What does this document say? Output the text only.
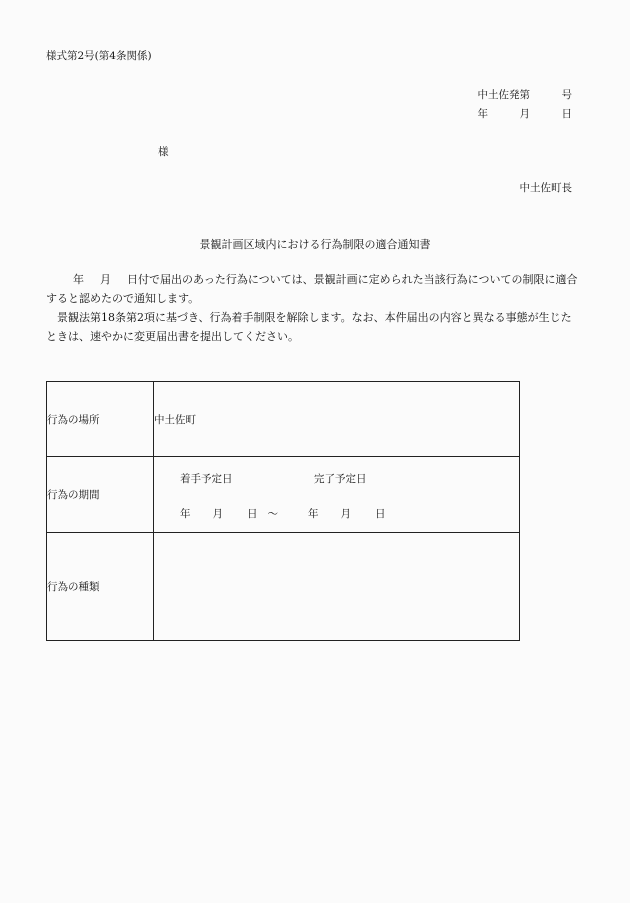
様式第2号(第4条関係)
中土佐発第　　　号
年　　　月　　　日
様
中土佐町長
景観計画区域内における行為制限の適合通知書

年 月 日付で届出のあった行為については、景観計画に定められた当該行為についての制限に適合すると認めたので通知します。

景観法第18条第2項に基づき、行為着手制限を解除します。なお、本件届出の内容と異なる事態が生じたときは、速やかに変更届出書を提出してください。

行為の場所	中土佐町
行為の期間	着手予定日 完了予定日
年 月 日 〜 年 月 日

行為の種類	
